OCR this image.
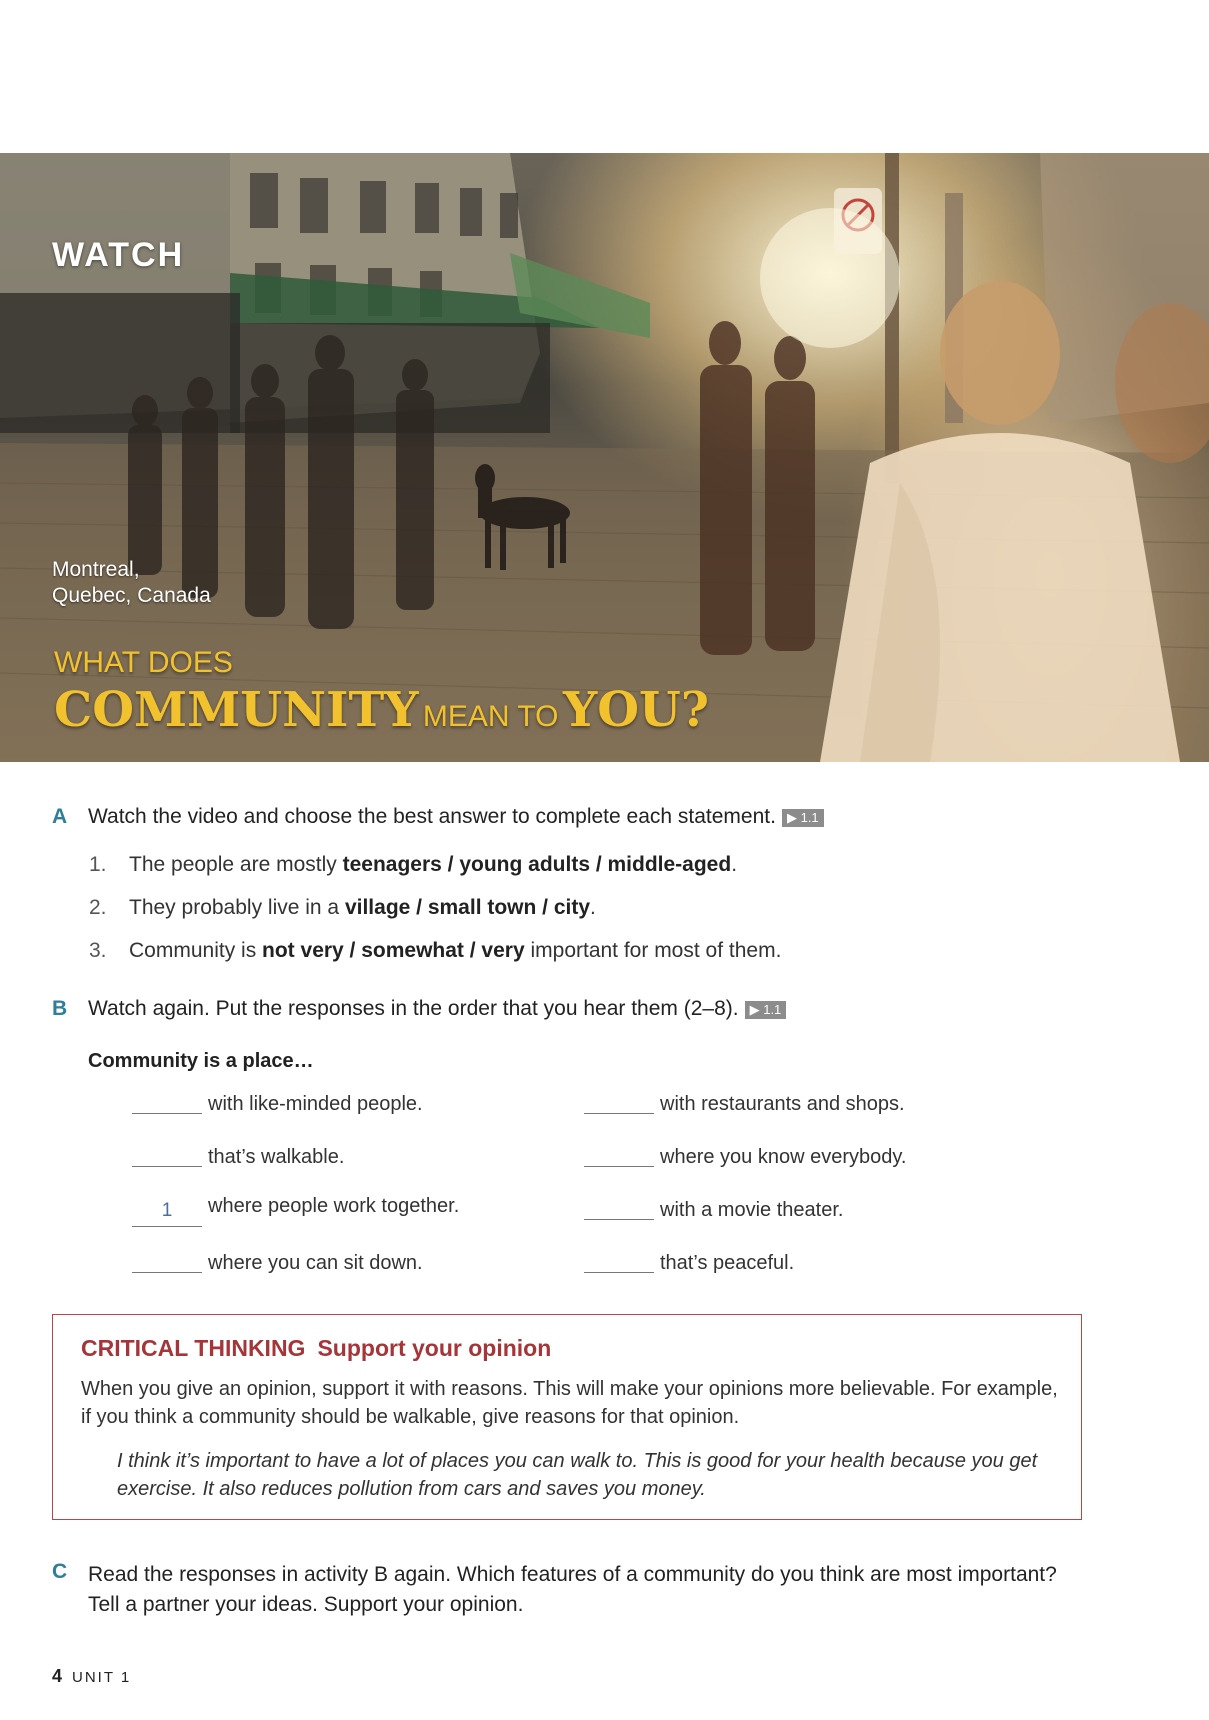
WATCH
Montreal,
Quebec, Canada
WHAT DOES
COMMUNITY MEAN TO YOU?
A Watch the video and choose the best answer to complete each statement. ▶ 1.1
1. The people are mostly teenagers / young adults / middle-aged.
2. They probably live in a village / small town / city.
3. Community is not very / somewhat / very important for most of them.
B Watch again. Put the responses in the order that you hear them (2–8). ▶ 1.1
Community is a place…
with like-minded people.
that’s walkable.
1 where people work together.
where you can sit down.
with restaurants and shops.
where you know everybody.
with a movie theater.
that’s peaceful.
CRITICAL THINKING Support your opinion

When you give an opinion, support it with reasons. This will make your opinions more believable. For example, if you think a community should be walkable, give reasons for that opinion.

I think it’s important to have a lot of places you can walk to. This is good for your health because you get exercise. It also reduces pollution from cars and saves you money.

C Read the responses in activity B again. Which features of a community do you think are most important? Tell a partner your ideas. Support your opinion.
4 UNIT 1
